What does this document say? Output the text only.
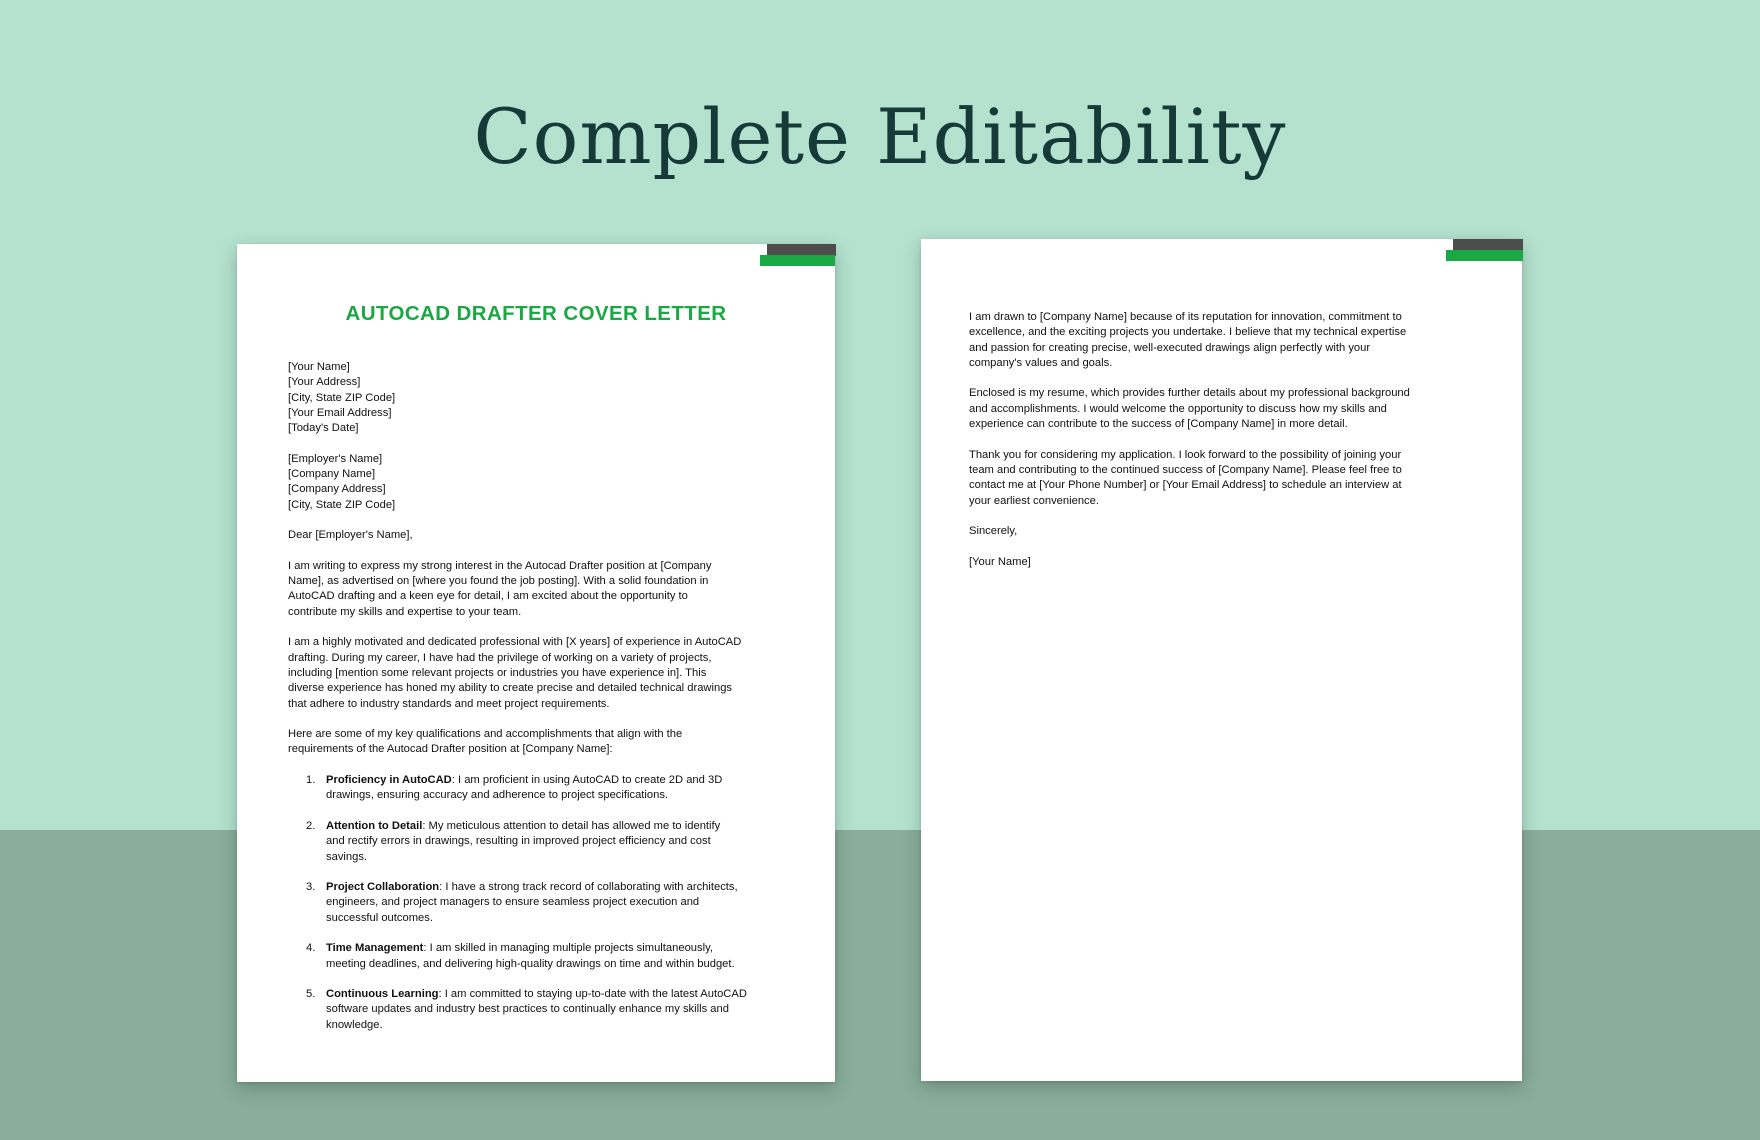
Complete Editability
AUTOCAD DRAFTER COVER LETTER
[Your Name]
[Your Address]
[City, State ZIP Code]
[Your Email Address]
[Today's Date]
[Employer's Name]
[Company Name]
[Company Address]
[City, State ZIP Code]
Dear [Employer's Name],
I am writing to express my strong interest in the Autocad Drafter position at [Company
Name], as advertised on [where you found the job posting]. With a solid foundation in
AutoCAD drafting and a keen eye for detail, I am excited about the opportunity to
contribute my skills and expertise to your team.
I am a highly motivated and dedicated professional with [X years] of experience in AutoCAD
drafting. During my career, I have had the privilege of working on a variety of projects,
including [mention some relevant projects or industries you have experience in]. This
diverse experience has honed my ability to create precise and detailed technical drawings
that adhere to industry standards and meet project requirements.
Here are some of my key qualifications and accomplishments that align with the
requirements of the Autocad Drafter position at [Company Name]:
1. Proficiency in AutoCAD: I am proficient in using AutoCAD to create 2D and 3D
drawings, ensuring accuracy and adherence to project specifications.
2. Attention to Detail: My meticulous attention to detail has allowed me to identify
and rectify errors in drawings, resulting in improved project efficiency and cost
savings.
3. Project Collaboration: I have a strong track record of collaborating with architects,
engineers, and project managers to ensure seamless project execution and
successful outcomes.
4. Time Management: I am skilled in managing multiple projects simultaneously,
meeting deadlines, and delivering high-quality drawings on time and within budget.
5. Continuous Learning: I am committed to staying up-to-date with the latest AutoCAD
software updates and industry best practices to continually enhance my skills and
knowledge.
I am drawn to [Company Name] because of its reputation for innovation, commitment to
excellence, and the exciting projects you undertake. I believe that my technical expertise
and passion for creating precise, well-executed drawings align perfectly with your
company's values and goals.
Enclosed is my resume, which provides further details about my professional background
and accomplishments. I would welcome the opportunity to discuss how my skills and
experience can contribute to the success of [Company Name] in more detail.
Thank you for considering my application. I look forward to the possibility of joining your
team and contributing to the continued success of [Company Name]. Please feel free to
contact me at [Your Phone Number] or [Your Email Address] to schedule an interview at
your earliest convenience.
Sincerely,
[Your Name]
